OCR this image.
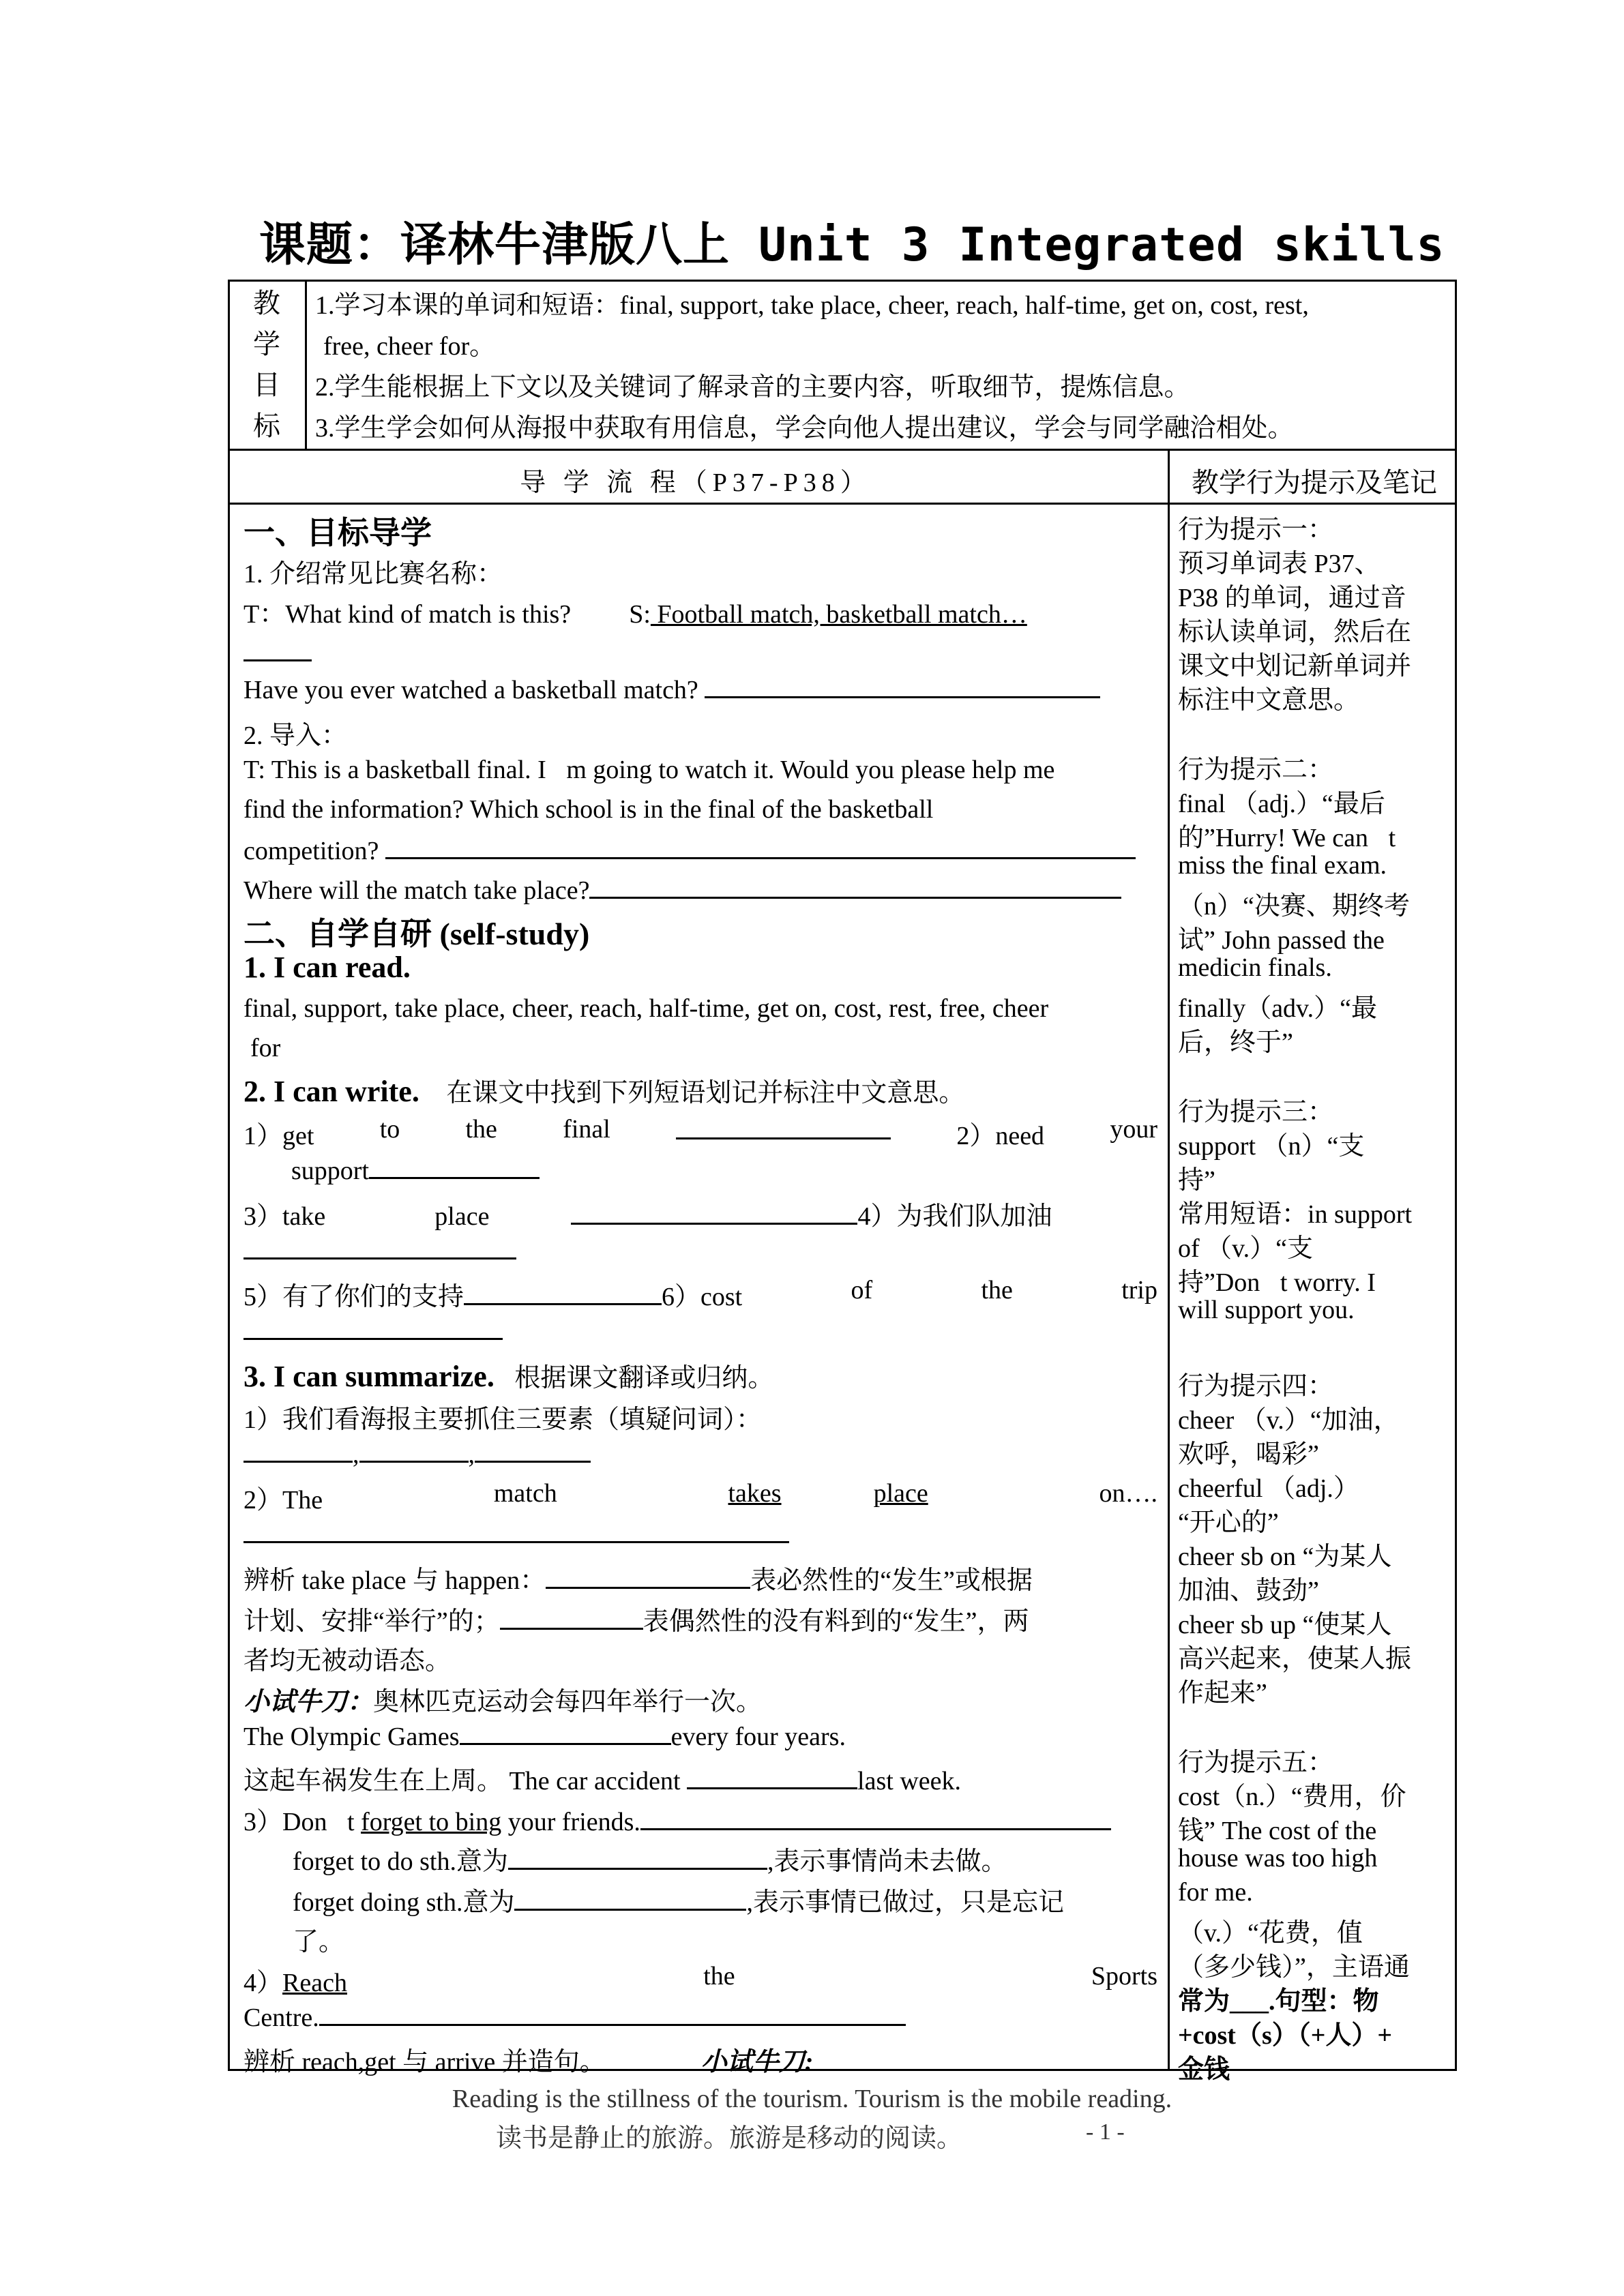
课题：译林牛津版八上 Unit 3 Integrated skills
教
学
目
标

1.学习本课的单词和短语：final, support, take place, cheer, reach, half-time, get on, cost, rest,

free, cheer for。

2.学生能根据上下文以及关键词了解录音的主要内容，听取细节，提炼信息。

3.学生学会如何从海报中获取有用信息，学会向他人提出建议，学会与同学融洽相处。

导 学 流 程（P37-P38）	教学行为提示及笔记
一、目标导学
1. 介绍常见比赛名称：
T：What kind of match is this? S: Football match, basketball match…
Have you ever watched a basketball match?
2. 导入：
T: This is a basketball final. I m going to watch it. Would you please help me
find the information? Which school is in the final of the basketball
competition?
Where will the match take place?
二、自学自研 (self-study)
1. I can read.
final, support, take place, cheer, reach, half-time, get on, cost, rest, free, cheer
for
2. I can write. 在课文中找到下列短语划记并标注中文意思。
1）get	to	the	final	2）need	your
support
3）take	place	4）为我们队加油
5）有了你们的支持	6）cost	of	the	trip
3. I can summarize. 根据课文翻译或归纳。
1）我们看海报主要抓住三要素（填疑问词）：
,	,
2）The	match	takes	place	on….
辨析 take place 与 happen：	表必然性的“发生”或根据
计划、安排“举行”的；	表偶然性的没有料到的“发生”，两
者均无被动语态。
小试牛刀：奥林匹克运动会每四年举行一次。
The Olympic Games	every four years.
这起车祸发生在上周。 The car accident	last week.
3）Don t forget to bing your friends.
forget to do sth.意为	,表示事情尚未去做。
forget doing sth.意为	,表示事情已做过，只是忘记
了。
4）Reach	the	Sports
Centre.
辨析 reach,get 与 arrive 并造句。	小试牛刀:
行为提示一：
预习单词表 P37、
P38 的单词，通过音
标认读单词，然后在
课文中划记新单词并
标注中文意思。
行为提示二：
final （adj.）“最后
的”Hurry! We can t
miss the final exam.
（n）“决赛、期终考
试” John passed the
medicin finals.
finally（adv.）“最
后，终于”
行为提示三：
support （n）“支
持”
常用短语：in support
of （v.）“支
持”Don t worry. I
will support you.
行为提示四：
cheer （v.）“加油，
欢呼，喝彩”
cheerful （adj.）
“开心的”
cheer sb on “为某人
加油、鼓劲”
cheer sb up “使某人
高兴起来，使某人振
作起来”
行为提示五：
cost（n.）“费用，价
钱” The cost of the
house was too high
for me.
（v.）“花费，值
（多少钱）”，主语通
常为___.句型：物
+cost（s）（+人）+
金钱
Reading is the stillness of the tourism. Tourism is the mobile reading.
读书是静止的旅游。旅游是移动的阅读。	- 1 -
